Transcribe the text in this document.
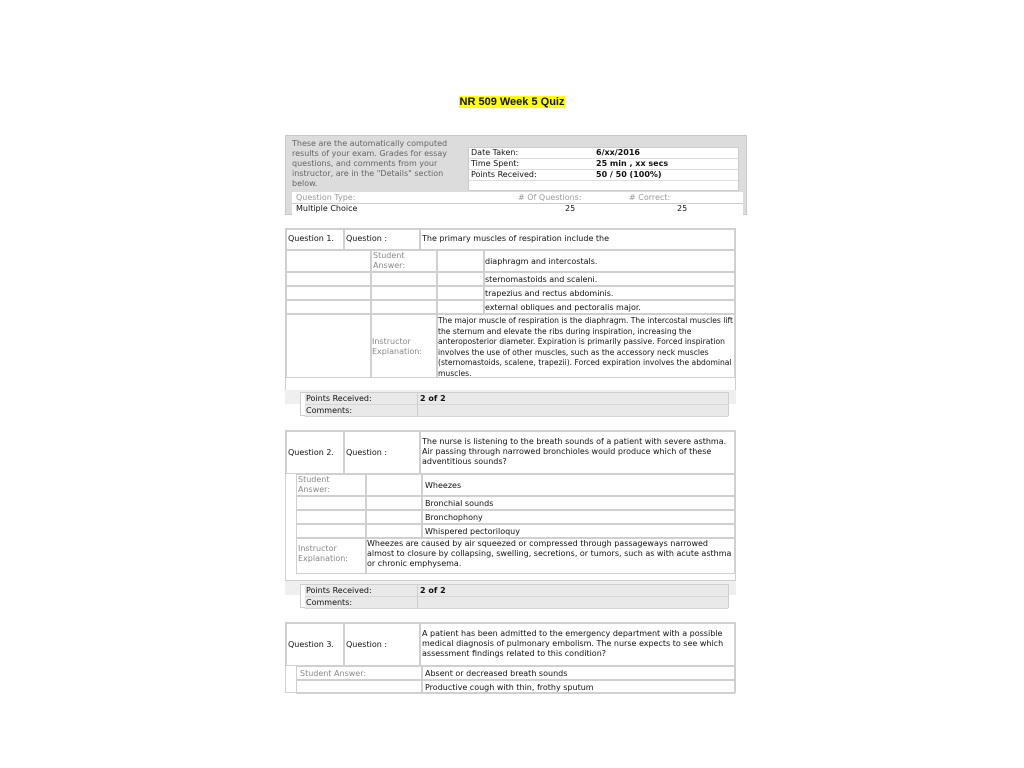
NR 509 Week 5 Quiz
These are the automatically computed results of your exam. Grades for essay questions, and comments from your instructor, are in the "Details" section below.
Date Taken:	6/xx/2016
Time Spent:	25 min , xx secs
Points Received:	50 / 50 (100%)
Question Type:	# Of Questions:	# Correct:
Multiple Choice	25	25
Question 1. Question :	The primary muscles of respiration include the
Student Answer:	diaphragm and intercostals.
sternomastoids and scaleni.
trapezius and rectus abdominis.
external obliques and pectoralis major.
Instructor Explanation:
The major muscle of respiration is the diaphragm. The intercostal muscles lift the sternum and elevate the ribs during inspiration, increasing the anteroposterior diameter. Expiration is primarily passive. Forced inspiration involves the use of other muscles, such as the accessory neck muscles (sternomastoids, scalene, trapezii). Forced expiration involves the abdominal muscles.
Points Received:	2 of 2
Comments:
Question 2. Question :
The nurse is listening to the breath sounds of a patient with severe asthma. Air passing through narrowed bronchioles would produce which of these adventitious sounds?
Student Answer:	Wheezes
Bronchial sounds
Bronchophony
Whispered pectoriloquy
Instructor Explanation:
Wheezes are caused by air squeezed or compressed through passageways narrowed almost to closure by collapsing, swelling, secretions, or tumors, such as with acute asthma or chronic emphysema.
Points Received:	2 of 2
Comments:
Question 3. Question :
A patient has been admitted to the emergency department with a possible medical diagnosis of pulmonary embolism. The nurse expects to see which assessment findings related to this condition?
Student Answer:	Absent or decreased breath sounds
Productive cough with thin, frothy sputum
